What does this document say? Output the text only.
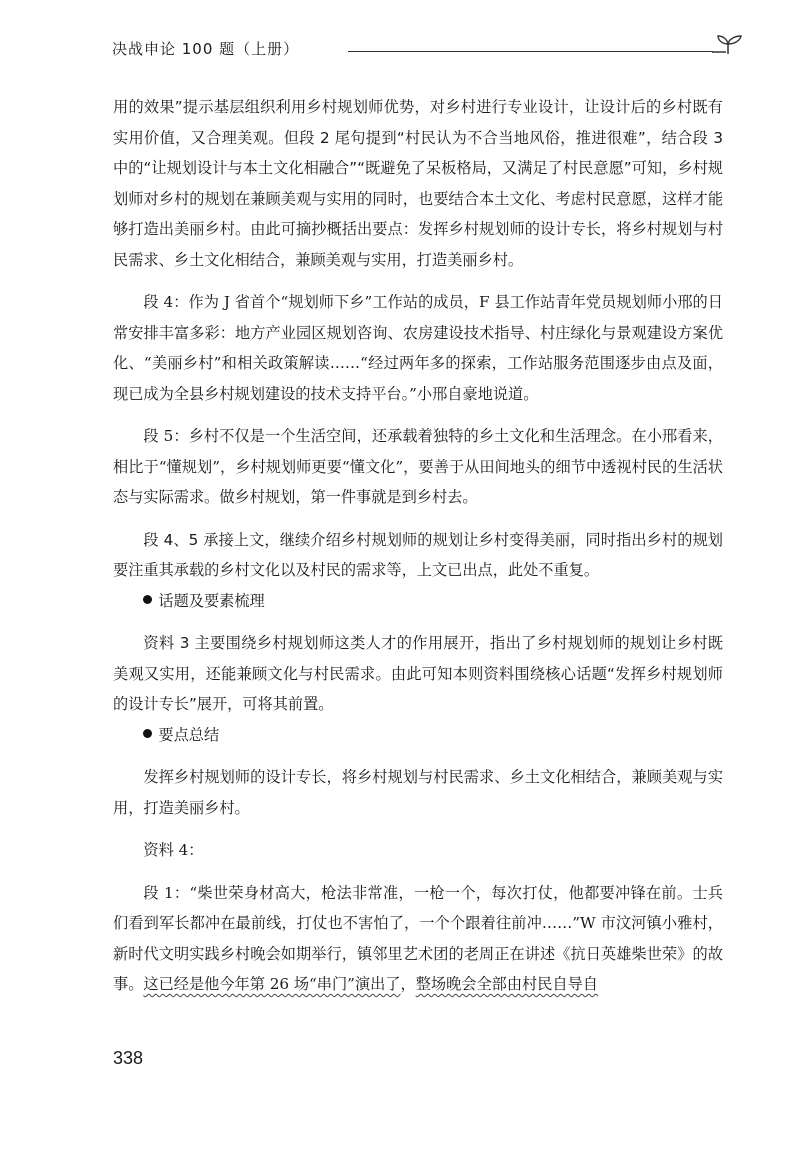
决战申论 100 题（上册）

用的效果”提示基层组织利用乡村规划师优势，对乡村进行专业设计，让设计后的乡村既有实用价值，又合理美观。但段 2 尾句提到“村民认为不合当地风俗，推进很难”，结合段 3 中的“让规划设计与本土文化相融合”“既避免了呆板格局，又满足了村民意愿”可知，乡村规划师对乡村的规划在兼顾美观与实用的同时，也要结合本土文化、考虑村民意愿，这样才能够打造出美丽乡村。由此可摘抄概括出要点：发挥乡村规划师的设计专长，将乡村规划与村民需求、乡土文化相结合，兼顾美观与实用，打造美丽乡村。

段 4：作为 J 省首个“规划师下乡”工作站的成员，F 县工作站青年党员规划师小邢的日常安排丰富多彩：地方产业园区规划咨询、农房建设技术指导、村庄绿化与景观建设方案优化、“美丽乡村”和相关政策解读……“经过两年多的探索，工作站服务范围逐步由点及面，现已成为全县乡村规划建设的技术支持平台。”小邢自豪地说道。

段 5：乡村不仅是一个生活空间，还承载着独特的乡土文化和生活理念。在小邢看来，相比于“懂规划”，乡村规划师更要“懂文化”，要善于从田间地头的细节中透视村民的生活状态与实际需求。做乡村规划，第一件事就是到乡村去。

段 4、5 承接上文，继续介绍乡村规划师的规划让乡村变得美丽，同时指出乡村的规划要注重其承载的乡村文化以及村民的需求等，上文已出点，此处不重复。

话题及要素梳理

资料 3 主要围绕乡村规划师这类人才的作用展开，指出了乡村规划师的规划让乡村既美观又实用，还能兼顾文化与村民需求。由此可知本则资料围绕核心话题“发挥乡村规划师的设计专长”展开，可将其前置。

要点总结

发挥乡村规划师的设计专长，将乡村规划与村民需求、乡土文化相结合，兼顾美观与实用，打造美丽乡村。

资料 4：

段 1：“柴世荣身材高大，枪法非常准，一枪一个，每次打仗，他都要冲锋在前。士兵们看到军长都冲在最前线，打仗也不害怕了，一个个跟着往前冲……”W 市汶河镇小雅村，新时代文明实践乡村晚会如期举行，镇邻里艺术团的老周正在讲述《抗日英雄柴世荣》的故事。这已经是他今年第 26 场“串门”演出了，整场晚会全部由村民自导自

338
